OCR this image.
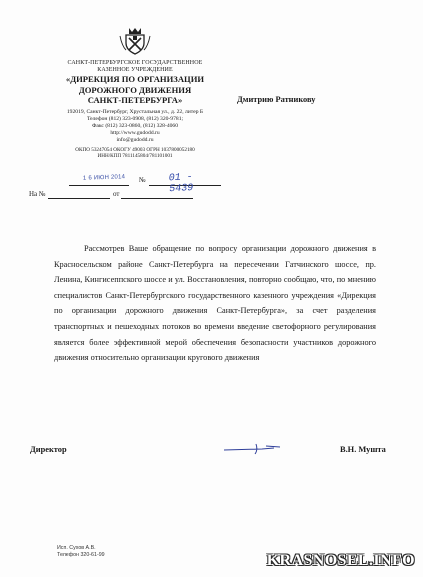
САНКТ-ПЕТЕРБУРГСКОЕ ГОСУДАРСТВЕННОЕ
КАЗЕННОЕ УЧРЕЖДЕНИЕ
«ДИРЕКЦИЯ ПО ОРГАНИЗАЦИИ
ДОРОЖНОГО ДВИЖЕНИЯ
САНКТ-ПЕТЕРБУРГА»
192019, Санкт-Петербург, Хрустальная ул., д. 22, литер Б
Телефон (812) 323-0908, (812) 320-9781;
Факс (812) 323-0860, (812) 328-4060
http://www.gudodd.ru
info@gudodd.ru
ОКПО 53247054 ОКОГУ 49003 ОГРН 1037800052180
ИНН/КПП 7811145804/781101001
Дмитрию Ратникову
1 6 ИЮН 2014 № 01 - 5439
На №	от
Рассмотрев Ваше обращение по вопросу организации дорожного движения в Красносельском районе Санкт-Петербурга на пересечении Гатчинского шоссе, пр. Ленина, Кингисеппского шоссе и ул. Восстановления, повторно сообщаю, что, по мнению специалистов Санкт-Петербургского государственного казенного учреждения «Дирекция по организации дорожного движения Санкт-Петербурга», за счет разделения транспортных и пешеходных потоков во времени введение светофорного регулирования является более эффективной мерой обеспечения безопасности участников дорожного движения относительно организации кругового движения
Директор	В.Н. Мушта
Исп. Сухов А.В.
Телефон 320-61-99	KRASNOSEL.INFO
